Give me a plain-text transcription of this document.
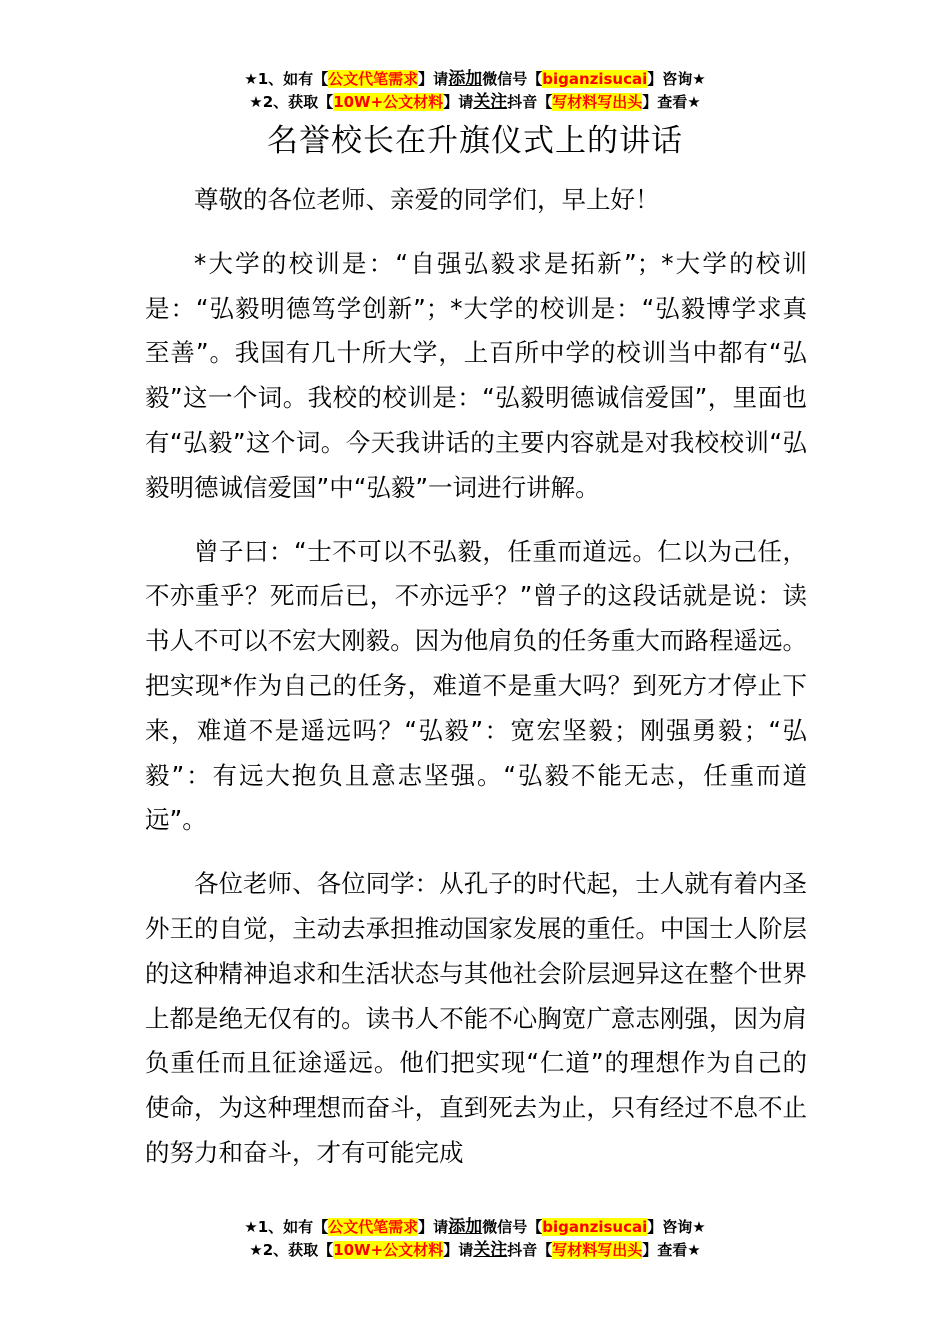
★1、如有【公文代笔需求】请添加微信号【biganzisucai】咨询★
★2、获取【10W+公文材料】请关注抖音【写材料写出头】查看★
名誉校长在升旗仪式上的讲话

尊敬的各位老师、亲爱的同学们，早上好！

*大学的校训是：“自强弘毅求是拓新”；*大学的校训是：“弘毅明德笃学创新”；*大学的校训是：“弘毅博学求真至善”。我国有几十所大学，上百所中学的校训当中都有“弘毅”这一个词。我校的校训是：“弘毅明德诚信爱国”，里面也有“弘毅”这个词。今天我讲话的主要内容就是对我校校训“弘毅明德诚信爱国”中“弘毅”一词进行讲解。

曾子曰：“士不可以不弘毅，任重而道远。仁以为己任，不亦重乎？死而后已，不亦远乎？”曾子的这段话就是说：读书人不可以不宏大刚毅。因为他肩负的任务重大而路程遥远。把实现*作为自己的任务，难道不是重大吗？到死方才停止下来，难道不是遥远吗？“弘毅”：宽宏坚毅；刚强勇毅；“弘毅”：有远大抱负且意志坚强。“弘毅不能无志，任重而道远”。

各位老师、各位同学：从孔子的时代起，士人就有着内圣外王的自觉，主动去承担推动国家发展的重任。中国士人阶层的这种精神追求和生活状态与其他社会阶层迥异这在整个世界上都是绝无仅有的。读书人不能不心胸宽广意志刚强，因为肩负重任而且征途遥远。他们把实现“仁道”的理想作为自己的使命，为这种理想而奋斗，直到死去为止，只有经过不息不止的努力和奋斗，才有可能完成

★1、如有【公文代笔需求】请添加微信号【biganzisucai】咨询★
★2、获取【10W+公文材料】请关注抖音【写材料写出头】查看★
